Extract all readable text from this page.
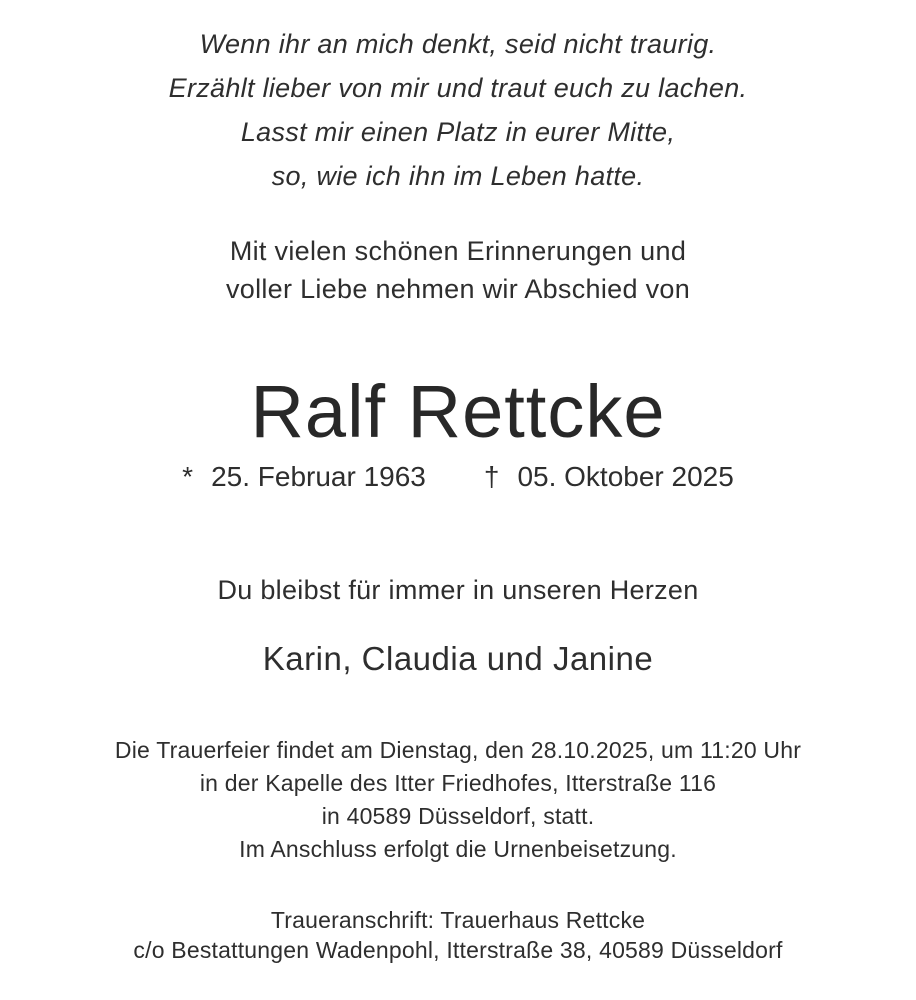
Wenn ihr an mich denkt, seid nicht traurig.

Erzählt lieber von mir und traut euch zu lachen.

Lasst mir einen Platz in eurer Mitte,

so, wie ich ihn im Leben hatte.

Mit vielen schönen Erinnerungen und

voller Liebe nehmen wir Abschied von

Ralf Rettcke
* 25. Februar 1963 † 05. Oktober 2025
Du bleibst für immer in unseren Herzen
Karin, Claudia und Janine

Die Trauerfeier findet am Dienstag, den 28.10.2025, um 11:20 Uhr

in der Kapelle des Itter Friedhofes, Itterstraße 116

in 40589 Düsseldorf, statt.

Im Anschluss erfolgt die Urnenbeisetzung.

Traueranschrift: Trauerhaus Rettcke

c/o Bestattungen Wadenpohl, Itterstraße 38, 40589 Düsseldorf
